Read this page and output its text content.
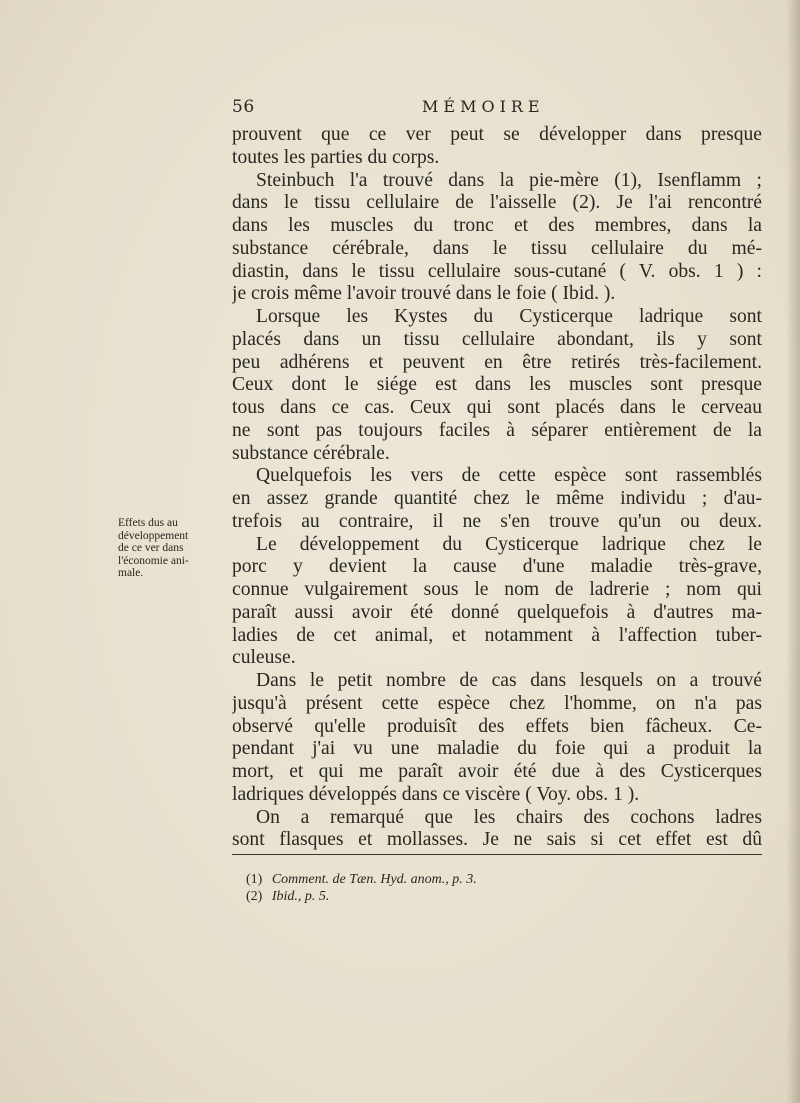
56	MÉMOIRE
prouvent que ce ver peut se développer dans presque
toutes les parties du corps.
Steinbuch l'a trouvé dans la pie-mère (1), Isenflamm ;
dans le tissu cellulaire de l'aisselle (2). Je l'ai rencontré
dans les muscles du tronc et des membres, dans la
substance cérébrale, dans le tissu cellulaire du mé-
diastin, dans le tissu cellulaire sous-cutané ( V. obs. 1 ) :
je crois même l'avoir trouvé dans le foie ( Ibid. ).
Lorsque les Kystes du Cysticerque ladrique sont
placés dans un tissu cellulaire abondant, ils y sont
peu adhérens et peuvent en être retirés très-facilement.
Ceux dont le siége est dans les muscles sont presque
tous dans ce cas. Ceux qui sont placés dans le cerveau
ne sont pas toujours faciles à séparer entièrement de la
substance cérébrale.
Quelquefois les vers de cette espèce sont rassemblés
en assez grande quantité chez le même individu ; d'au-
trefois au contraire, il ne s'en trouve qu'un ou deux.
Le développement du Cysticerque ladrique chez le
porc y devient la cause d'une maladie très-grave,
connue vulgairement sous le nom de ladrerie ; nom qui
paraît aussi avoir été donné quelquefois à d'autres ma-
ladies de cet animal, et notamment à l'affection tuber-
culeuse.
Dans le petit nombre de cas dans lesquels on a trouvé
jusqu'à présent cette espèce chez l'homme, on n'a pas
observé qu'elle produisît des effets bien fâcheux. Ce-
pendant j'ai vu une maladie du foie qui a produit la
mort, et qui me paraît avoir été due à des Cysticerques
ladriques développés dans ce viscère ( Voy. obs. 1 ).
On a remarqué que les chairs des cochons ladres
sont flasques et mollasses. Je ne sais si cet effet est dû
Effets dus au
développement
de ce ver dans
l'économie ani-
male.
(1) Comment. de Tæn. Hyd. anom., p. 3.
(2) Ibid., p. 5.
